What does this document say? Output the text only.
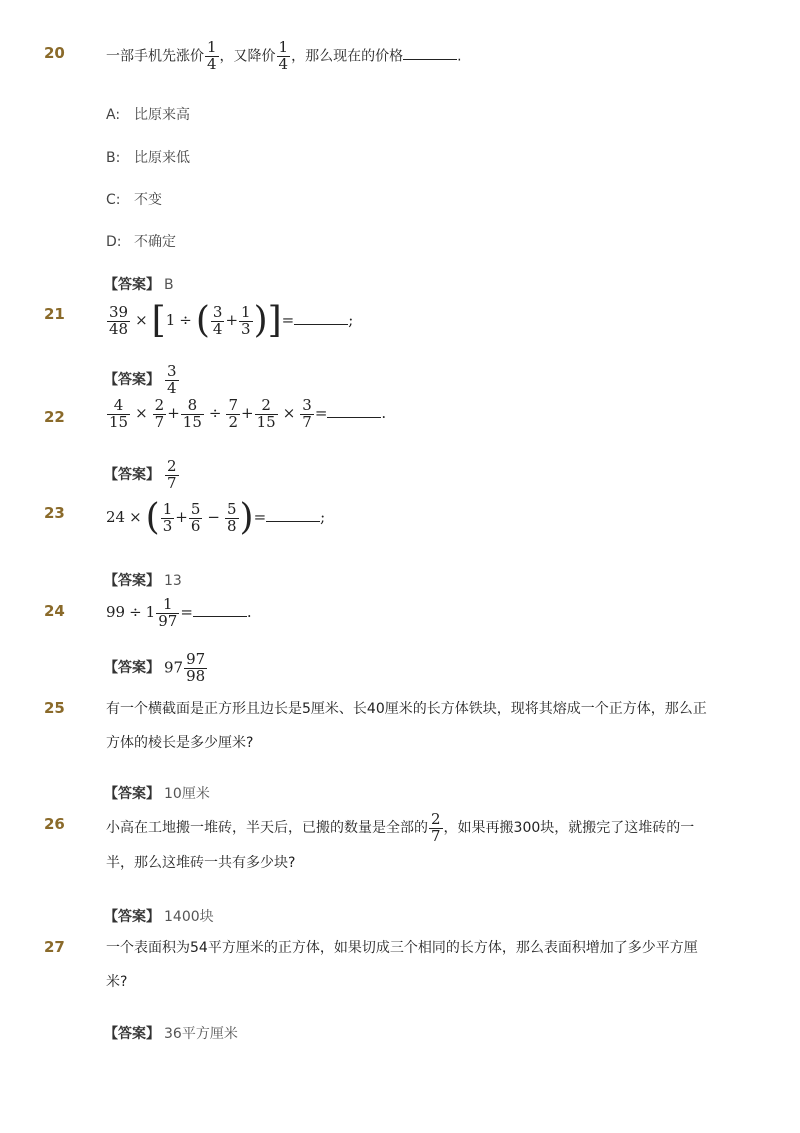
20	一部手机先涨价 $\frac{1}{4}$ ，又降价 $\frac{1}{4}$ ，那么现在的价格	.
A: 比原来高
B: 比原来低
C: 不变
D: 不确定
【答案】 B
21	$\frac{39}{48} \times [1$ ÷ ( $\frac{3}{4} + \frac{1}{3}$ )]=	;
【答案】 $\frac{3}{4}$
22	$\frac{4}{15} \times \frac{2}{7} + \frac{8}{15} \div \frac{7}{2} + \frac{2}{15} \times \frac{3}{7}$ =	.
【答案】 $\frac{2}{7}$
23	24 × ( $\frac{1}{3} + \frac{5}{6} - \frac{5}{8}$ )=	;
【答案】 13
24	$99 \div 1 \frac{1}{97}$ =	.
【答案】 $97 \frac{97}{98}$
25	有一个横截面是正方形且边长是5厘米、长40厘米的长方体铁块，现将其熔成一个正方体，那么正
方体的棱长是多少厘米?
【答案】 10厘米
26	小高在工地搬一堆砖，半天后，已搬的数量是全部的 $\frac{2}{7}$ ，如果再搬300块，就搬完了这堆砖的一
半，那么这堆砖一共有多少块?
【答案】 1400块
27	一个表面积为54平方厘米的正方体，如果切成三个相同的长方体，那么表面积增加了多少平方厘
米?
【答案】 36平方厘米
